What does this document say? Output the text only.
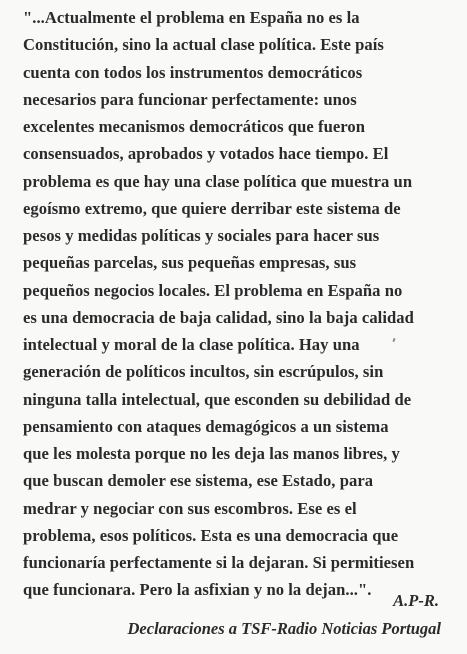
"...Actualmente el problema en España no es la
Constitución, sino la actual clase política. Este país
cuenta con todos los instrumentos democráticos
necesarios para funcionar perfectamente: unos
excelentes mecanismos democráticos que fueron
consensuados, aprobados y votados hace tiempo. El
problema es que hay una clase política que muestra un
egoísmo extremo, que quiere derribar este sistema de
pesos y medidas políticas y sociales para hacer sus
pequeñas parcelas, sus pequeñas empresas, sus
pequeños negocios locales. El problema en España no
es una democracia de baja calidad, sino la baja calidad
intelectual y moral de la clase política. Hay una
generación de políticos incultos, sin escrúpulos, sin
ninguna talla intelectual, que esconden su debilidad de
pensamiento con ataques demagógicos a un sistema
que les molesta porque no les deja las manos libres, y
que buscan demoler ese sistema, ese Estado, para
medrar y negociar con sus escombros. Ese es el
problema, esos políticos. Esta es una democracia que
funcionaría perfectamente si la dejaran. Si permitiesen
que funcionara. Pero la asfixian y no la dejan...".

A.P-R.

Declaraciones a TSF-Radio Noticias Portugal
